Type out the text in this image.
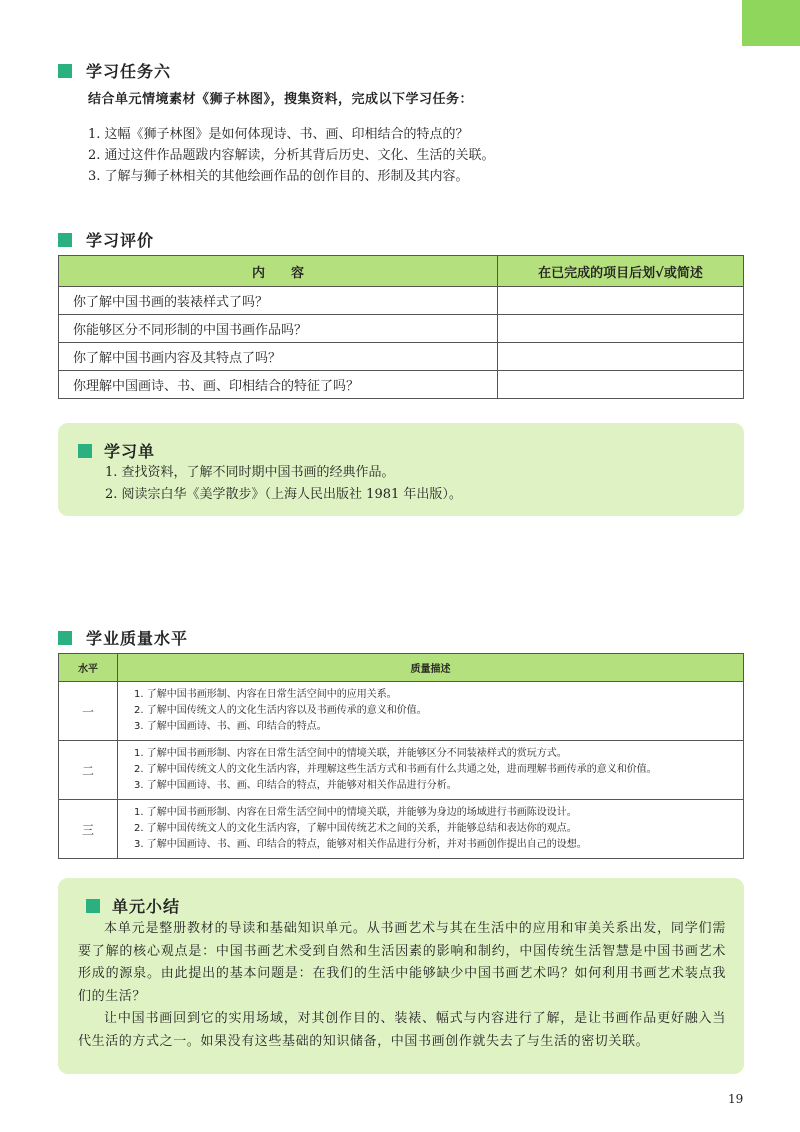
学习任务六
结合单元情境素材《狮子林图》，搜集资料，完成以下学习任务：
1. 这幅《狮子林图》是如何体现诗、书、画、印相结合的特点的？
2. 通过这件作品题跋内容解读，分析其背后历史、文化、生活的关联。
3. 了解与狮子林相关的其他绘画作品的创作目的、形制及其内容。
学习评价
内　　容	在已完成的项目后划√或简述
你了解中国书画的装裱样式了吗？	
你能够区分不同形制的中国书画作品吗？	
你了解中国书画内容及其特点了吗？	
你理解中国画诗、书、画、印相结合的特征了吗？	
学习单
1. 查找资料，了解不同时期中国书画的经典作品。
2. 阅读宗白华《美学散步》（上海人民出版社 1981 年出版）。
学业质量水平
水平	质量描述
一	1. 了解中国书画形制、内容在日常生活空间中的应用关系。
2. 了解中国传统文人的文化生活内容以及书画传承的意义和价值。
3. 了解中国画诗、书、画、印结合的特点。

二	1. 了解中国书画形制、内容在日常生活空间中的情境关联，并能够区分不同装裱样式的赏玩方式。
2. 了解中国传统文人的文化生活内容，并理解这些生活方式和书画有什么共通之处，进而理解书画传承的意义和价值。
3. 了解中国画诗、书、画、印结合的特点，并能够对相关作品进行分析。

三	1. 了解中国书画形制、内容在日常生活空间中的情境关联，并能够为身边的场域进行书画陈设设计。
2. 了解中国传统文人的文化生活内容，了解中国传统艺术之间的关系，并能够总结和表达你的观点。
3. 了解中国画诗、书、画、印结合的特点，能够对相关作品进行分析，并对书画创作提出自己的设想。
单元小结

本单元是整册教材的导读和基础知识单元。从书画艺术与其在生活中的应用和审美关系出发，同学们需要了解的核心观点是：中国书画艺术受到自然和生活因素的影响和制约，中国传统生活智慧是中国书画艺术形成的源泉。由此提出的基本问题是：在我们的生活中能够缺少中国书画艺术吗？如何利用书画艺术装点我们的生活？

让中国书画回到它的实用场域，对其创作目的、装裱、幅式与内容进行了解，是让书画作品更好融入当代生活的方式之一。如果没有这些基础的知识储备，中国书画创作就失去了与生活的密切关联。

19
